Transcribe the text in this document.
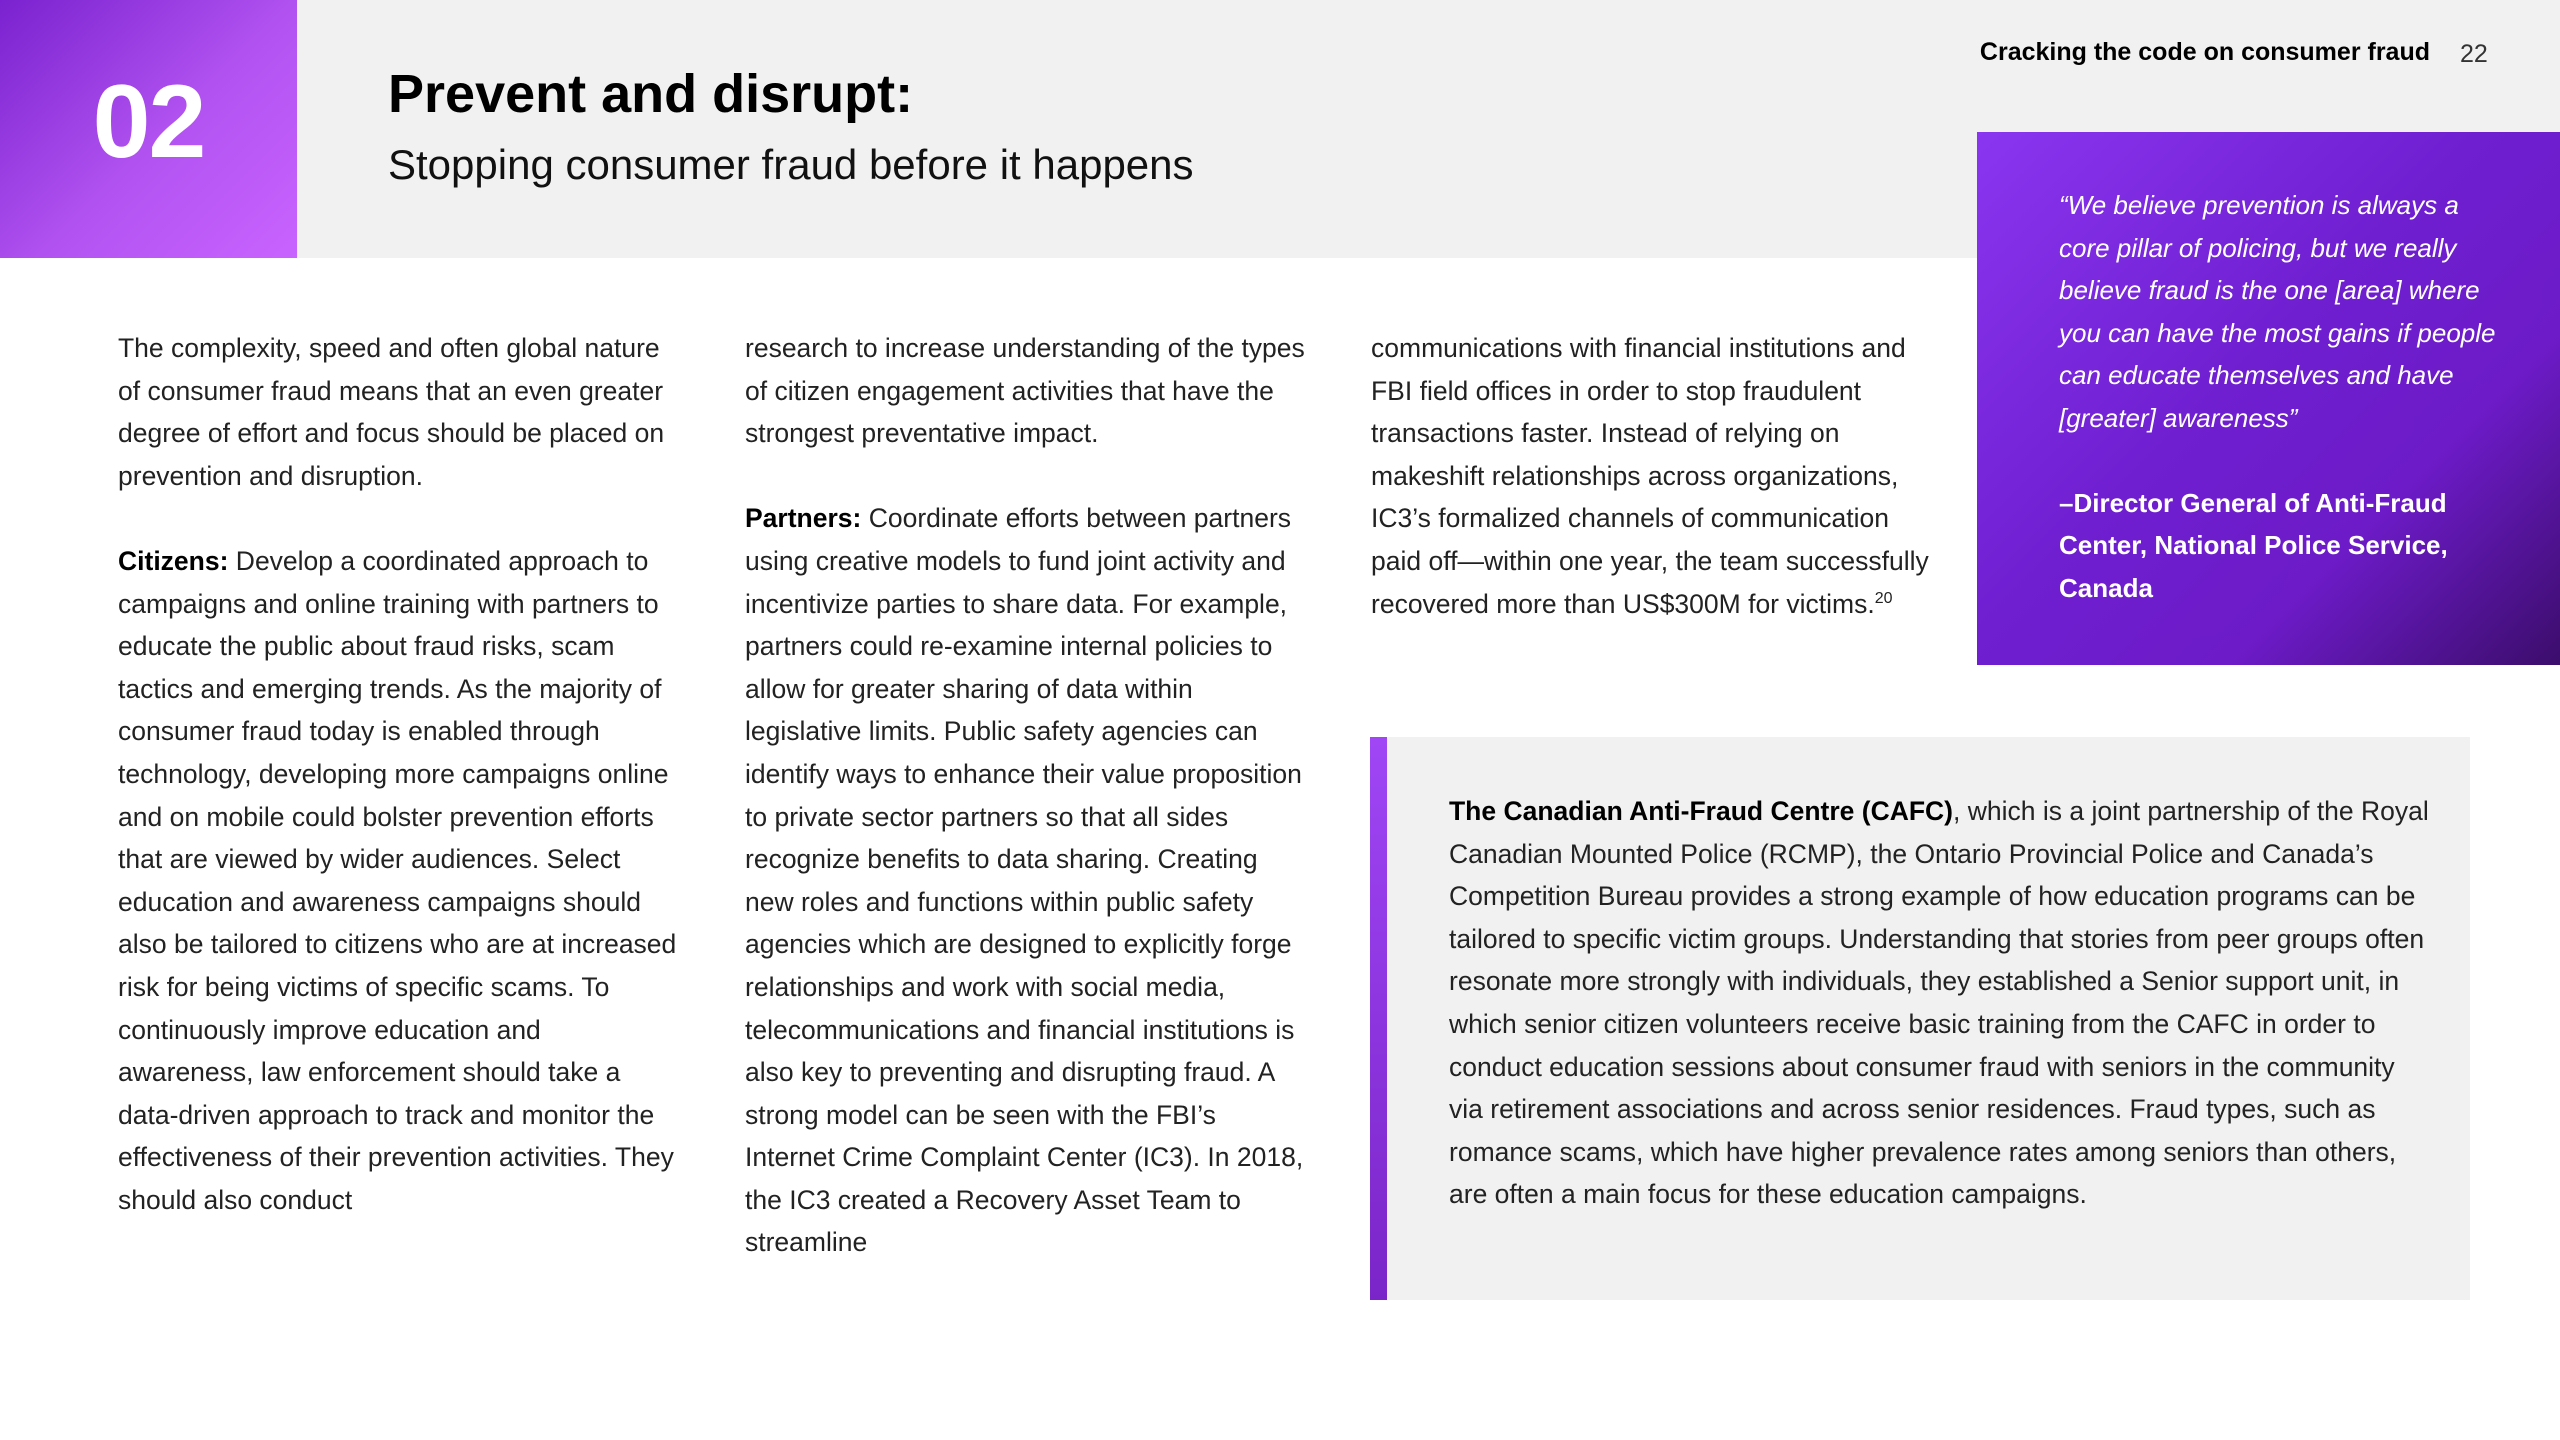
02	Prevent and disrupt:
Stopping consumer fraud before it happens
Cracking the code on consumer fraud 22
“We believe prevention is always a core pillar of policing, but we really believe fraud is the one [area] where you can have the most gains if people can educate themselves and have [greater] awareness”
–Director General of Anti-Fraud Center, National Police Service, Canada

The complexity, speed and often global nature of consumer fraud means that an even greater degree of effort and focus should be placed on prevention and disruption.

Citizens: Develop a coordinated approach to campaigns and online training with partners to educate the public about fraud risks, scam tactics and emerging trends. As the majority of consumer fraud today is enabled through technology, developing more campaigns online and on mobile could bolster prevention efforts that are viewed by wider audiences. Select education and awareness campaigns should also be tailored to citizens who are at increased risk for being victims of specific scams. To continuously improve education and awareness, law enforcement should take a data-driven approach to track and monitor the effectiveness of their prevention activities. They should also conduct

research to increase understanding of the types of citizen engagement activities that have the strongest preventative impact.

Partners: Coordinate efforts between partners using creative models to fund joint activity and incentivize parties to share data. For example, partners could re-examine internal policies to allow for greater sharing of data within legislative limits. Public safety agencies can identify ways to enhance their value proposition to private sector partners so that all sides recognize benefits to data sharing. Creating new roles and functions within public safety agencies which are designed to explicitly forge relationships and work with social media, telecommunications and financial institutions is also key to preventing and disrupting fraud. A strong model can be seen with the FBI’s Internet Crime Complaint Center (IC3). In 2018, the IC3 created a Recovery Asset Team to streamline

communications with financial institutions and FBI field offices in order to stop fraudulent transactions faster. Instead of relying on makeshift relationships across organizations, IC3’s formalized channels of communication paid off—within one year, the team successfully recovered more than US$300M for victims.$^{20}$

The Canadian Anti-Fraud Centre (CAFC), which is a joint partnership of the Royal Canadian Mounted Police (RCMP), the Ontario Provincial Police and Canada’s Competition Bureau provides a strong example of how education programs can be tailored to specific victim groups. Understanding that stories from peer groups often resonate more strongly with individuals, they established a Senior support unit, in which senior citizen volunteers receive basic training from the CAFC in order to conduct education sessions about consumer fraud with seniors in the community via retirement associations and across senior residences. Fraud types, such as romance scams, which have higher prevalence rates among seniors than others, are often a main focus for these education campaigns.
